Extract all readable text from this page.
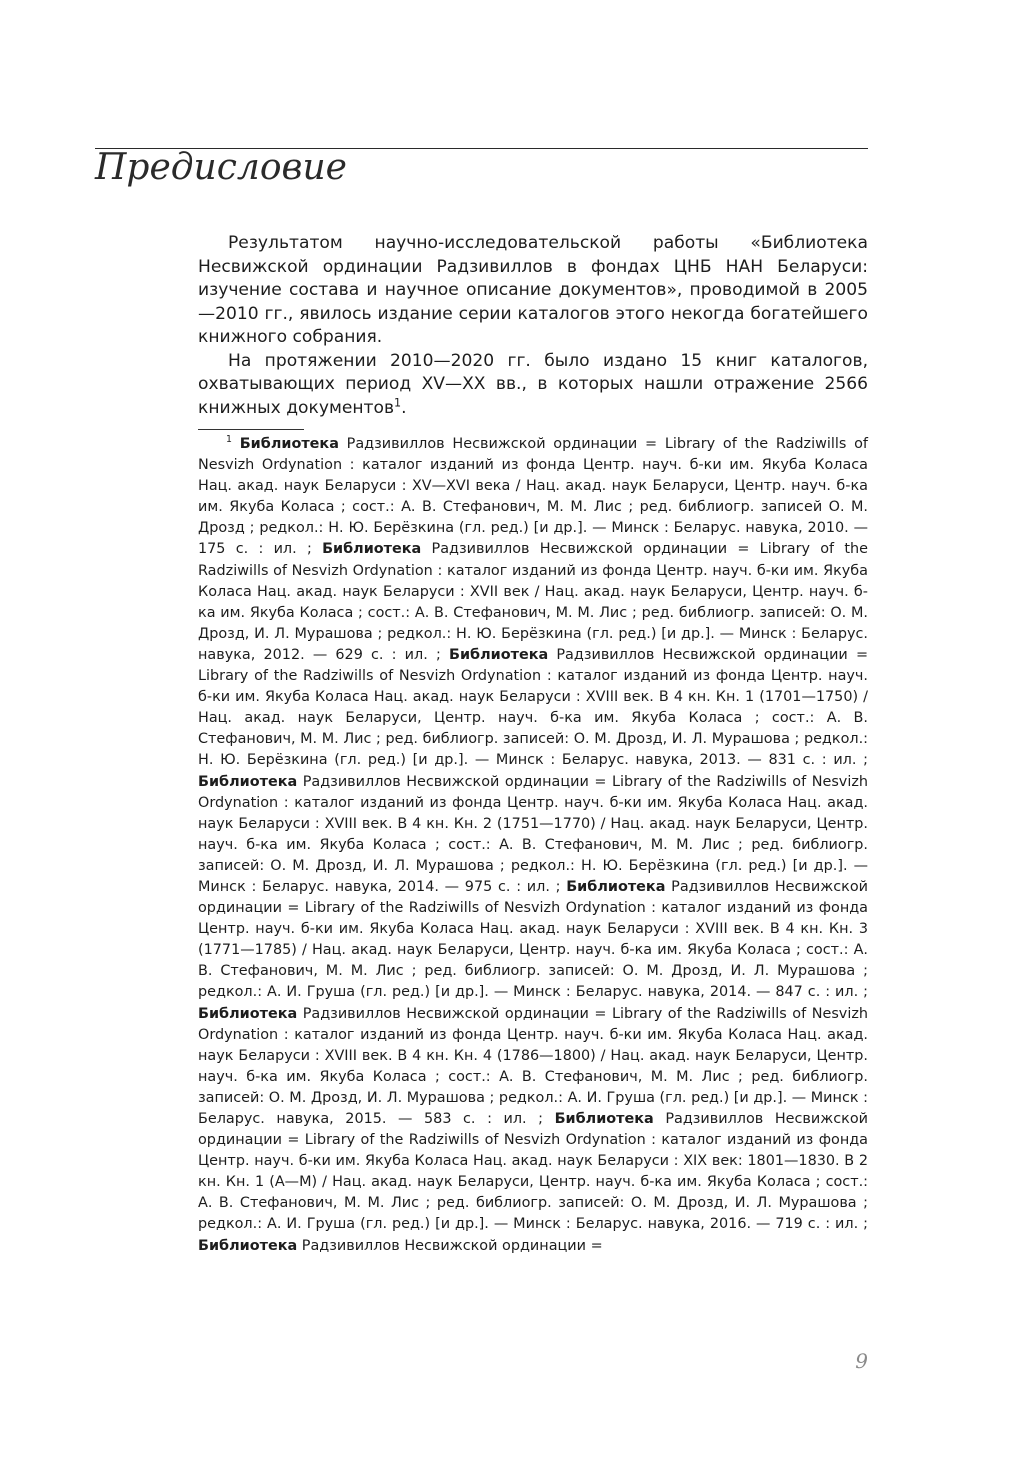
Предисловие

Результатом научно-исследовательской работы «Библиотека Несвижской ординации Радзивиллов в фондах ЦНБ НАН Беларуси: изучение состава и научное описание документов», проводимой в 2005—2010 гг., явилось издание серии каталогов этого некогда богатейшего книжного собрания.

На протяжении 2010—2020 гг. было издано 15 книг каталогов, охватывающих период XV—XX вв., в которых нашли отражение 2566 книжных документов$^1$.

$^1$ Библиотека Радзивиллов Несвижской ординации = Library of the Radziwills of Nesvizh Ordynation : каталог изданий из фонда Центр. науч. б-ки им. Якуба Коласа Нац. акад. наук Беларуси : XV—XVI века / Нац. акад. наук Беларуси, Центр. науч. б-ка им. Якуба Коласа ; сост.: А. В. Стефанович, М. М. Лис ; ред. библиогр. записей О. М. Дрозд ; редкол.: Н. Ю. Берёзкина (гл. ред.) [и др.]. — Минск : Беларус. навука, 2010. — 175 с. : ил. ; Библиотека Радзивиллов Несвижской ординации = Library of the Radziwills of Nesvizh Ordynation : каталог изданий из фонда Центр. науч. б-ки им. Якуба Коласа Нац. акад. наук Беларуси : XVII век / Нац. акад. наук Беларуси, Центр. науч. б-ка им. Якуба Коласа ; сост.: А. В. Стефанович, М. М. Лис ; ред. библиогр. записей: О. М. Дрозд, И. Л. Мурашова ; редкол.: Н. Ю. Берёзкина (гл. ред.) [и др.]. — Минск : Беларус. навука, 2012. — 629 с. : ил. ; Библиотека Радзивиллов Несвижской ординации = Library of the Radziwills of Nesvizh Ordynation : каталог изданий из фонда Центр. науч. б-ки им. Якуба Коласа Нац. акад. наук Беларуси : XVIII век. В 4 кн. Кн. 1 (1701—1750) / Нац. акад. наук Беларуси, Центр. науч. б-ка им. Якуба Коласа ; сост.: А. В. Стефанович, М. М. Лис ; ред. библиогр. записей: О. М. Дрозд, И. Л. Мурашова ; редкол.: Н. Ю. Берёзкина (гл. ред.) [и др.]. — Минск : Беларус. навука, 2013. — 831 с. : ил. ; Библиотека Радзивиллов Несвижской ординации = Library of the Radziwills of Nesvizh Ordynation : каталог изданий из фонда Центр. науч. б-ки им. Якуба Коласа Нац. акад. наук Беларуси : XVIII век. В 4 кн. Кн. 2 (1751—1770) / Нац. акад. наук Беларуси, Центр. науч. б-ка им. Якуба Коласа ; сост.: А. В. Стефанович, М. М. Лис ; ред. библиогр. записей: О. М. Дрозд, И. Л. Мурашова ; редкол.: Н. Ю. Берёзкина (гл. ред.) [и др.]. — Минск : Беларус. навука, 2014. — 975 с. : ил. ; Библиотека Радзивиллов Несвижской ординации = Library of the Radziwills of Nesvizh Ordynation : каталог изданий из фонда Центр. науч. б-ки им. Якуба Коласа Нац. акад. наук Беларуси : XVIII век. В 4 кн. Кн. 3 (1771—1785) / Нац. акад. наук Беларуси, Центр. науч. б-ка им. Якуба Коласа ; сост.: А. В. Стефанович, М. М. Лис ; ред. библиогр. записей: О. М. Дрозд, И. Л. Мурашова ; редкол.: А. И. Груша (гл. ред.) [и др.]. — Минск : Беларус. навука, 2014. — 847 с. : ил. ; Библиотека Радзивиллов Несвижской ординации = Library of the Radziwills of Nesvizh Ordynation : каталог изданий из фонда Центр. науч. б-ки им. Якуба Коласа Нац. акад. наук Беларуси : XVIII век. В 4 кн. Кн. 4 (1786—1800) / Нац. акад. наук Беларуси, Центр. науч. б-ка им. Якуба Коласа ; сост.: А. В. Стефанович, М. М. Лис ; ред. библиогр. записей: О. М. Дрозд, И. Л. Мурашова ; редкол.: А. И. Груша (гл. ред.) [и др.]. — Минск : Беларус. навука, 2015. — 583 с. : ил. ; Библиотека Радзивиллов Несвижской ординации = Library of the Radziwills of Nesvizh Ordynation : каталог изданий из фонда Центр. науч. б-ки им. Якуба Коласа Нац. акад. наук Беларуси : XIX век: 1801—1830. В 2 кн. Кн. 1 (А—М) / Нац. акад. наук Беларуси, Центр. науч. б-ка им. Якуба Коласа ; сост.: А. В. Стефанович, М. М. Лис ; ред. библиогр. записей: О. М. Дрозд, И. Л. Мурашова ; редкол.: А. И. Груша (гл. ред.) [и др.]. — Минск : Беларус. навука, 2016. — 719 с. : ил. ; Библиотека Радзивиллов Несвижской ординации =

9
